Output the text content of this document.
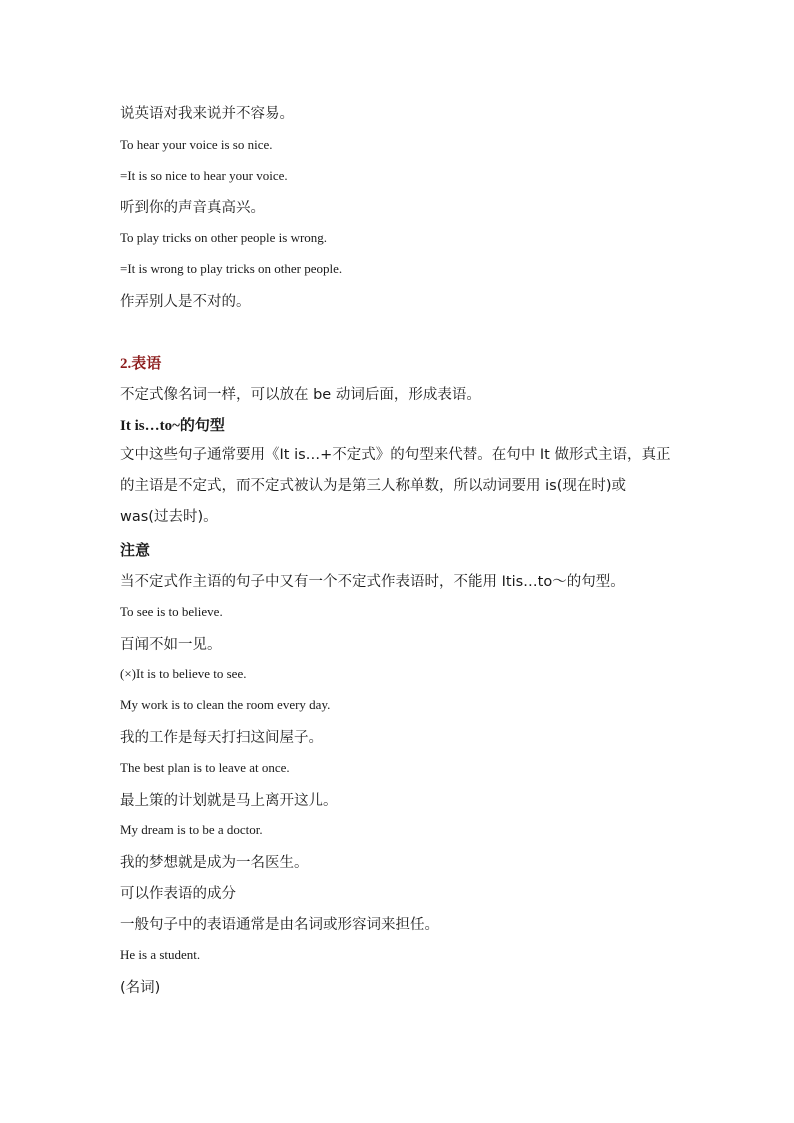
说英语对我来说并不容易。
To hear your voice is so nice.
=It is so nice to hear your voice.
听到你的声音真高兴。
To play tricks on other people is wrong.
=It is wrong to play tricks on other people.
作弄别人是不对的。
2.表语
不定式像名词一样，可以放在 be 动词后面，形成表语。
It is…to~的句型
文中这些句子通常要用《It is…+不定式》的句型来代替。在句中 It 做形式主语，真正的主语是不定式，而不定式被认为是第三人称单数，所以动词要用 is(现在时)或 was(过去时)。
注意
当不定式作主语的句子中又有一个不定式作表语时，不能用 Itis…to～的句型。
To see is to believe.
百闻不如一见。
(×)It is to believe to see.
My work is to clean the room every day.
我的工作是每天打扫这间屋子。
The best plan is to leave at once.
最上策的计划就是马上离开这儿。
My dream is to be a doctor.
我的梦想就是成为一名医生。
可以作表语的成分
一般句子中的表语通常是由名词或形容词来担任。
He is a student.
(名词)
